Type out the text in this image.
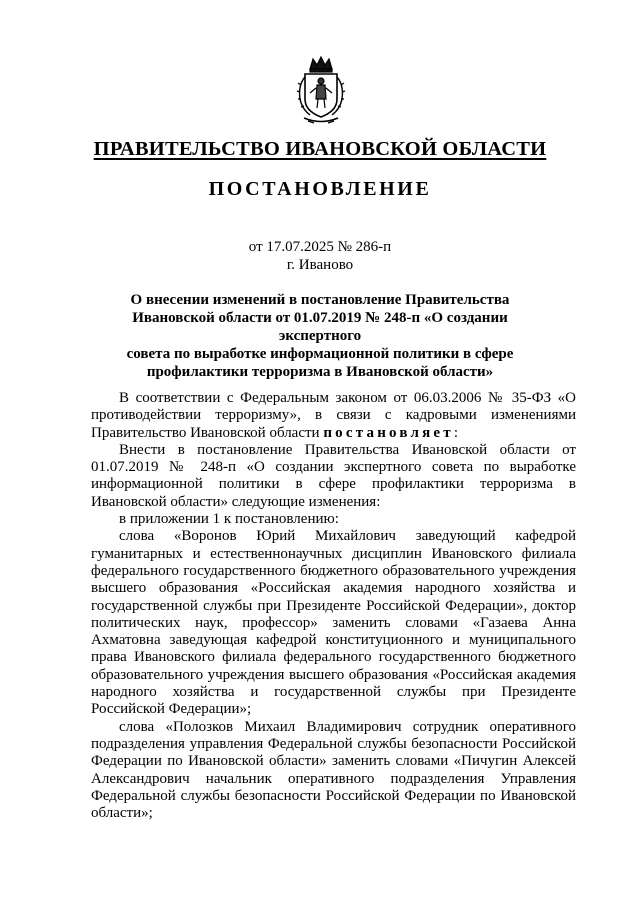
ПРАВИТЕЛЬСТВО ИВАНОВСКОЙ ОБЛАСТИ
ПОСТАНОВЛЕНИЕ
от 17.07.2025 № 286-п
г. Иваново
О внесении изменений в постановление Правительства
Ивановской области от 01.07.2019 № 248-п «О создании экспертного
совета по выработке информационной политики в сфере
профилактики терроризма в Ивановской области»

В соответствии с Федеральным законом от 06.03.2006 № 35-ФЗ «О противодействии терроризму», в связи с кадровыми изменениями Правительство Ивановской области постановляет:

Внести в постановление Правительства Ивановской области от 01.07.2019 № 248-п «О создании экспертного совета по выработке информационной политики в сфере профилактики терроризма в Ивановской области» следующие изменения:

в приложении 1 к постановлению:

слова «Воронов Юрий Михайлович заведующий кафедрой гуманитарных и естественнонаучных дисциплин Ивановского филиала федерального государственного бюджетного образовательного учреждения высшего образования «Российская академия народного хозяйства и государственной службы при Президенте Российской Федерации», доктор политических наук, профессор» заменить словами «Газаева Анна Ахматовна заведующая кафедрой конституционного и муниципального права Ивановского филиала федерального государственного бюджетного образовательного учреждения высшего образования «Российская академия народного хозяйства и государственной службы при Президенте Российской Федерации»;

слова «Полозков Михаил Владимирович сотрудник оперативного подразделения управления Федеральной службы безопасности Российской Федерации по Ивановской области» заменить словами «Пичугин Алексей Александрович начальник оперативного подразделения Управления Федеральной службы безопасности Российской Федерации по Ивановской области»;
